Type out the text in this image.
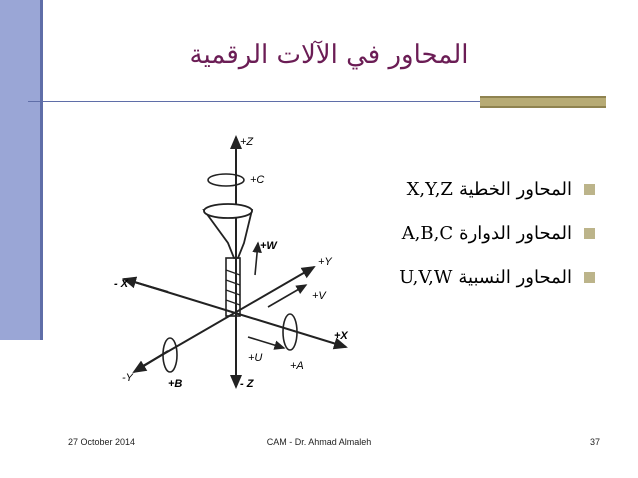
المحاور في الآلات الرقمية
+Z
+C
+W
+Y
+V
- X
+X
-Y
+U
+A
+B	- Z
المحاور الخطية
X,Y,Z
المحاور الدوارة
A,B,C
المحاور النسبية
U,V,W
27 October 2014	CAM - Dr. Ahmad Almaleh	37
